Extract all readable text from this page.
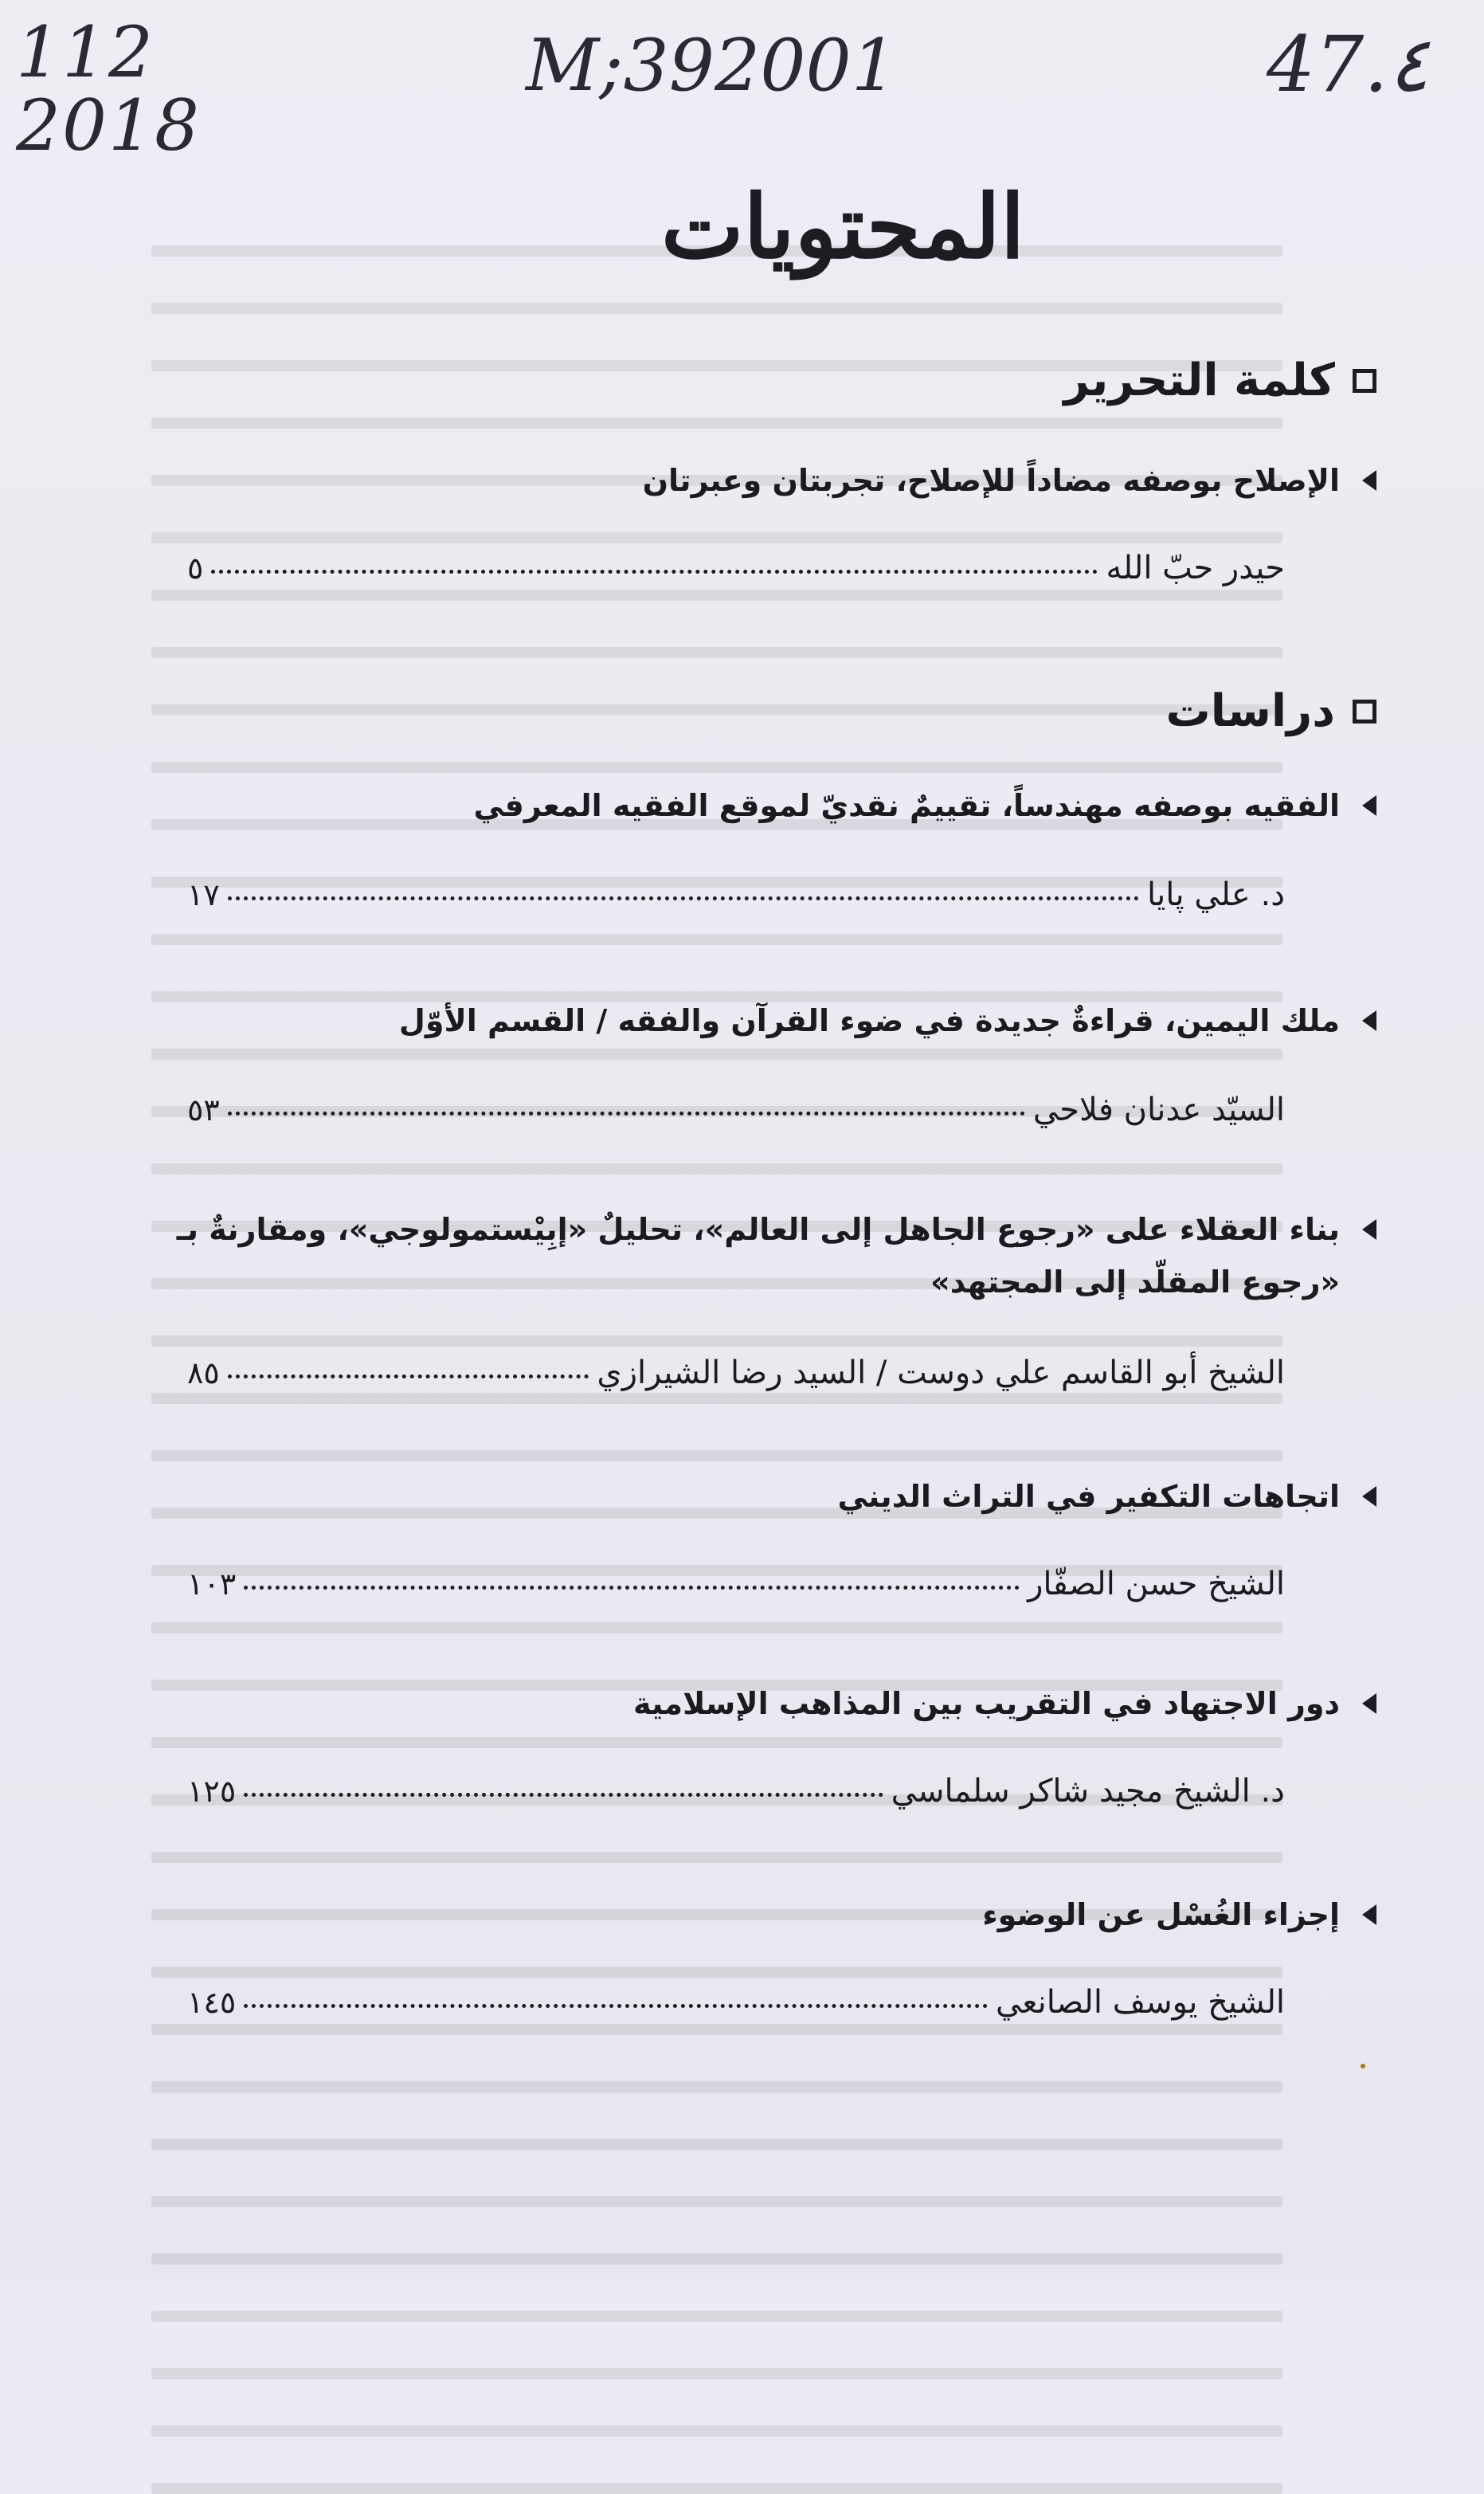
112
2018
M;392001	47.٤
المحتويات
كلمة التحرير
الإصلاح بوصفه مضاداً للإصلاح، تجربتان وعبرتان
حيدر حبّ الله
٥
دراسات
الفقيه بوصفه مهندساً، تقييمٌ نقديّ لموقع الفقيه المعرفي
د. علي پايا
١٧
ملك اليمين، قراءةٌ جديدة في ضوء القرآن والفقه / القسم الأوّل
السيّد عدنان فلاحي
٥٣
بناء العقلاء على «رجوع الجاهل إلى العالم»، تحليلٌ «إبِيْستمولوجي»، ومقارنةٌ بـ «رجوع المقلّد إلى المجتهد»
الشيخ أبو القاسم علي دوست / السيد رضا الشيرازي
٨٥
اتجاهات التكفير في التراث الديني
الشيخ حسن الصفّار
١٠٣
دور الاجتهاد في التقريب بين المذاهب الإسلامية
د. الشيخ مجيد شاكر سلماسي
١٢٥
إجزاء الغُسْل عن الوضوء
الشيخ يوسف الصانعي
١٤٥
